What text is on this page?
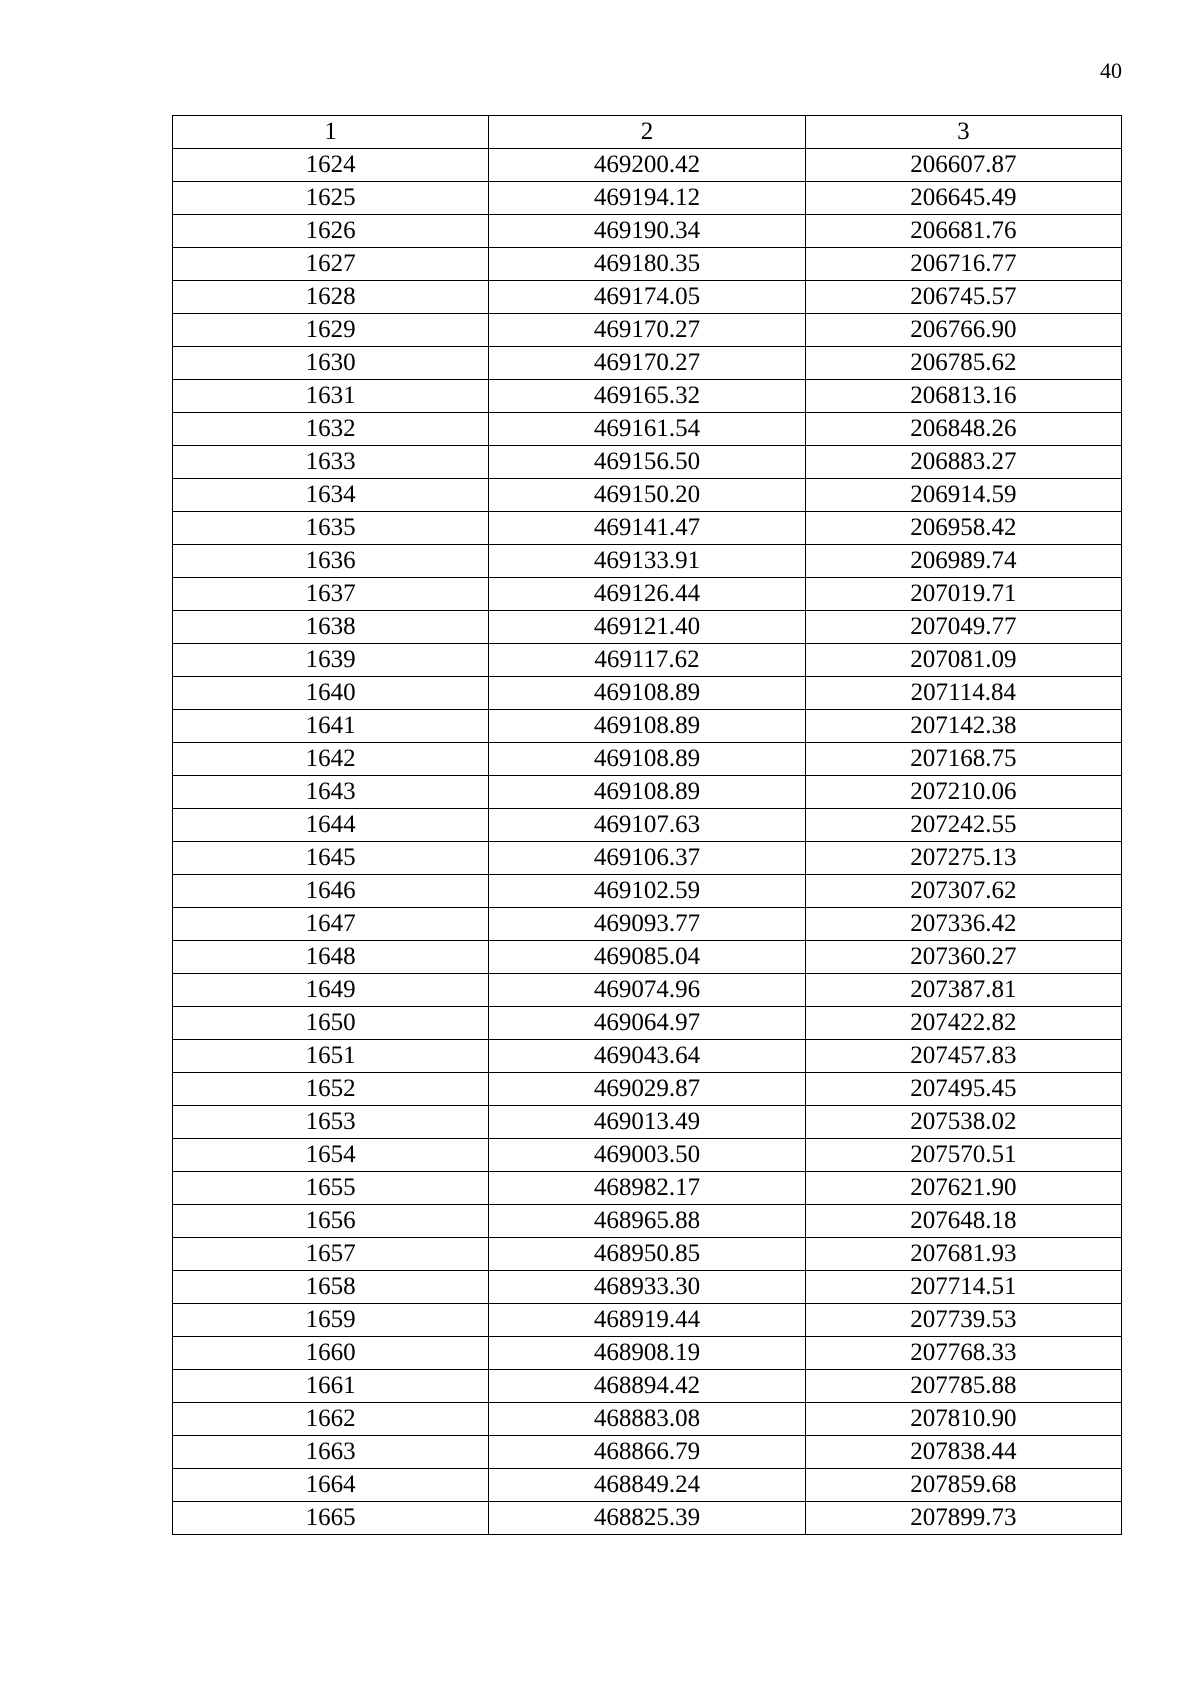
40
1	2	3
1624	469200.42	206607.87
1625	469194.12	206645.49
1626	469190.34	206681.76
1627	469180.35	206716.77
1628	469174.05	206745.57
1629	469170.27	206766.90
1630	469170.27	206785.62
1631	469165.32	206813.16
1632	469161.54	206848.26
1633	469156.50	206883.27
1634	469150.20	206914.59
1635	469141.47	206958.42
1636	469133.91	206989.74
1637	469126.44	207019.71
1638	469121.40	207049.77
1639	469117.62	207081.09
1640	469108.89	207114.84
1641	469108.89	207142.38
1642	469108.89	207168.75
1643	469108.89	207210.06
1644	469107.63	207242.55
1645	469106.37	207275.13
1646	469102.59	207307.62
1647	469093.77	207336.42
1648	469085.04	207360.27
1649	469074.96	207387.81
1650	469064.97	207422.82
1651	469043.64	207457.83
1652	469029.87	207495.45
1653	469013.49	207538.02
1654	469003.50	207570.51
1655	468982.17	207621.90
1656	468965.88	207648.18
1657	468950.85	207681.93
1658	468933.30	207714.51
1659	468919.44	207739.53
1660	468908.19	207768.33
1661	468894.42	207785.88
1662	468883.08	207810.90
1663	468866.79	207838.44
1664	468849.24	207859.68
1665	468825.39	207899.73
